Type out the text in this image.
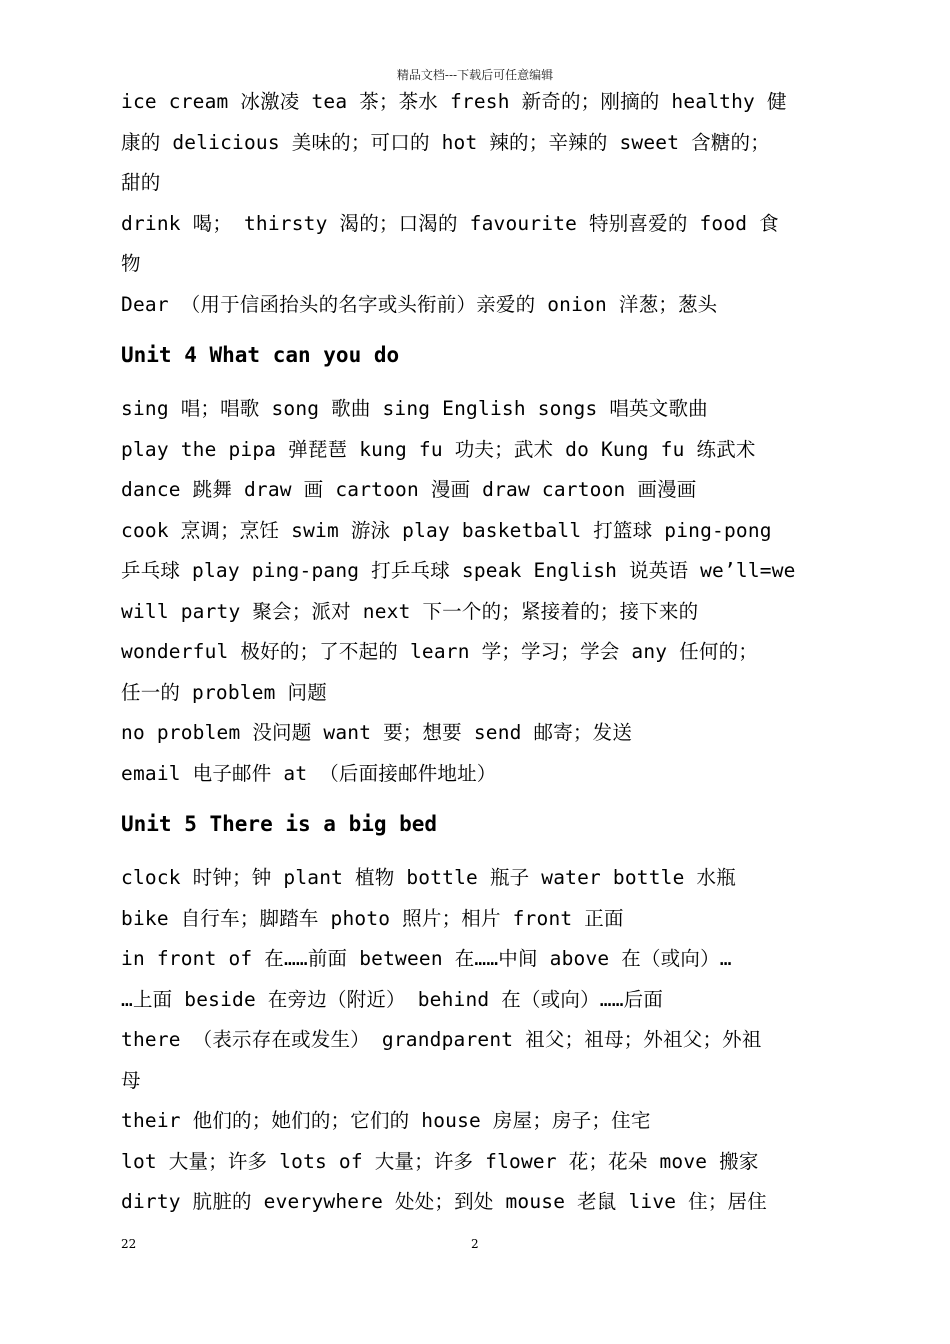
精品文档---下载后可任意编辑
ice cream 冰激凌 tea 茶；茶水 fresh 新奇的；刚摘的 healthy 健
康的 delicious 美味的；可口的 hot 辣的；辛辣的 sweet 含糖的；
甜的
drink 喝； thirsty 渴的；口渴的 favourite 特别喜爱的 food 食
物
Dear （用于信函抬头的名字或头衔前）亲爱的 onion 洋葱；葱头
Unit 4 What can you do
sing 唱；唱歌 song 歌曲 sing English songs 唱英文歌曲
play the pipa 弹琵琶 kung fu 功夫；武术 do Kung fu 练武术
dance 跳舞 draw 画 cartoon 漫画 draw cartoon 画漫画
cook 烹调；烹饪 swim 游泳 play basketball 打篮球 ping-pong
乒乓球 play ping-pang 打乒乓球 speak English 说英语 we’ll=we
will party 聚会；派对 next 下一个的；紧接着的；接下来的
wonderful 极好的；了不起的 learn 学；学习；学会 any 任何的；
任一的 problem 问题
no problem 没问题 want 要；想要 send 邮寄；发送
email 电子邮件 at （后面接邮件地址）
Unit 5 There is a big bed
clock 时钟；钟 plant 植物 bottle 瓶子 water bottle 水瓶
bike 自行车；脚踏车 photo 照片；相片 front 正面
in front of 在……前面 between 在……中间 above 在（或向）…
…上面 beside 在旁边（附近） behind 在（或向）……后面
there （表示存在或发生） grandparent 祖父；祖母；外祖父；外祖
母
their 他们的；她们的；它们的 house 房屋；房子；住宅
lot 大量；许多 lots of 大量；许多 flower 花；花朵 move 搬家
dirty 肮脏的 everywhere 处处；到处 mouse 老鼠 live 住；居住
22	2
